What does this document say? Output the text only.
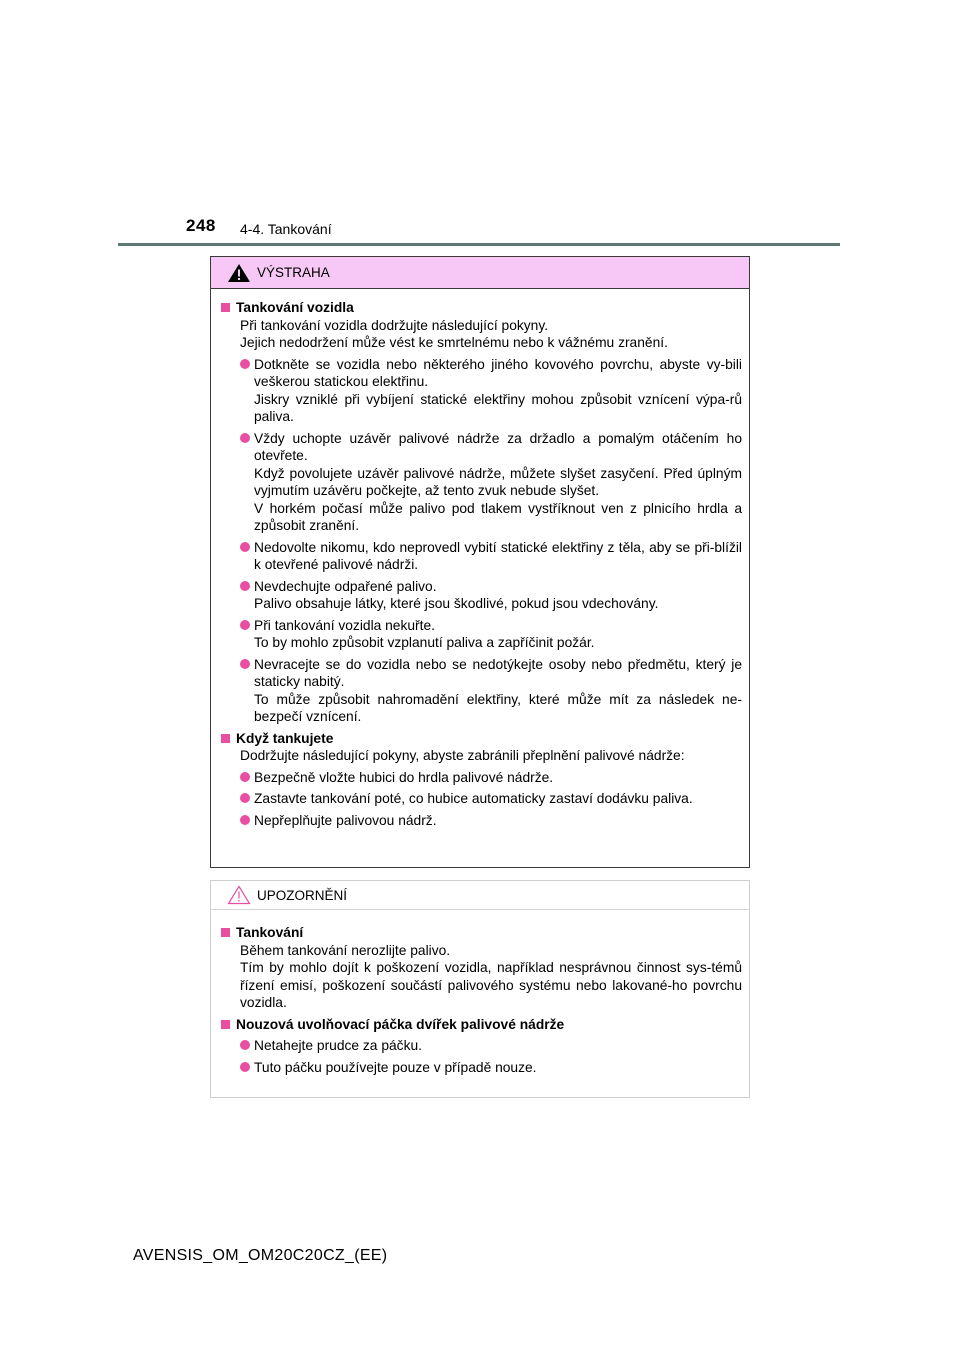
248 4-4. Tankování
VÝSTRAHA
Tankování vozidla
Při tankování vozidla dodržujte následující pokyny.
Jejich nedodržení může vést ke smrtelnému nebo k vážnému zranění.
Dotkněte se vozidla nebo některého jiného kovového povrchu, abyste vy-bili veškerou statickou elektřinu.
Jiskry vzniklé při vybíjení statické elektřiny mohou způsobit vznícení výpa-rů paliva.
Vždy uchopte uzávěr palivové nádrže za držadlo a pomalým otáčením ho otevřete.
Když povolujete uzávěr palivové nádrže, můžete slyšet zasyčení. Před úplným vyjmutím uzávěru počkejte, až tento zvuk nebude slyšet.
V horkém počasí může palivo pod tlakem vystříknout ven z plnicího hrdla a způsobit zranění.
Nedovolte nikomu, kdo neprovedl vybití statické elektřiny z těla, aby se při-blížil k otevřené palivové nádrži.
Nevdechujte odpařené palivo.
Palivo obsahuje látky, které jsou škodlivé, pokud jsou vdechovány.
Při tankování vozidla nekuřte.
To by mohlo způsobit vzplanutí paliva a zapříčinit požár.
Nevracejte se do vozidla nebo se nedotýkejte osoby nebo předmětu, který je staticky nabitý.
To může způsobit nahromadění elektřiny, které může mít za následek ne-bezpečí vznícení.
Když tankujete
Dodržujte následující pokyny, abyste zabránili přeplnění palivové nádrže:
Bezpečně vložte hubici do hrdla palivové nádrže.
Zastavte tankování poté, co hubice automaticky zastaví dodávku paliva.
Nepřeplňujte palivovou nádrž.
UPOZORNĚNÍ
Tankování
Během tankování nerozlijte palivo.
Tím by mohlo dojít k poškození vozidla, například nesprávnou činnost sys-témů řízení emisí, poškození součástí palivového systému nebo lakované-ho povrchu vozidla.
Nouzová uvolňovací páčka dvířek palivové nádrže
Netahejte prudce za páčku.
Tuto páčku používejte pouze v případě nouze.
AVENSIS_OM_OM20C20CZ_(EE)
